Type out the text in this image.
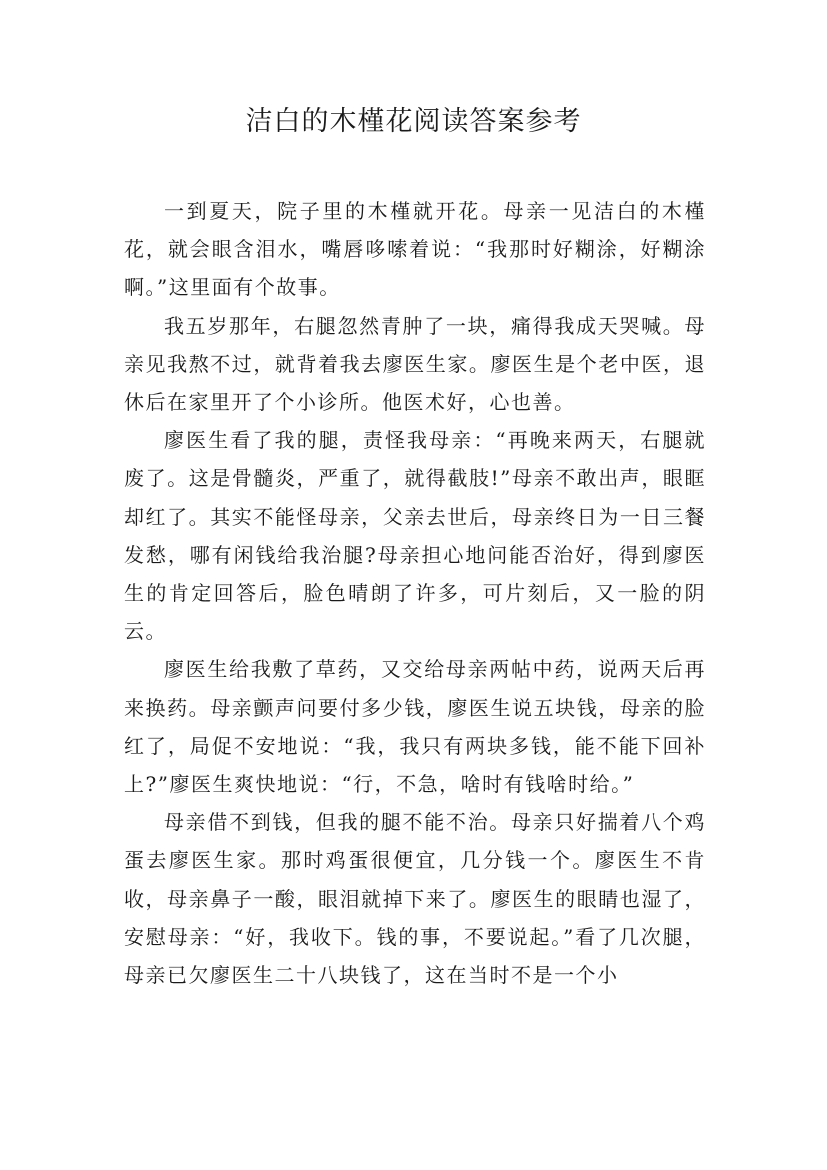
洁白的木槿花阅读答案参考

一到夏天，院子里的木槿就开花。母亲一见洁白的木槿花，就会眼含泪水，嘴唇哆嗦着说：“我那时好糊涂，好糊涂啊。”这里面有个故事。

我五岁那年，右腿忽然青肿了一块，痛得我成天哭喊。母亲见我熬不过，就背着我去廖医生家。廖医生是个老中医，退休后在家里开了个小诊所。他医术好，心也善。

廖医生看了我的腿，责怪我母亲：“再晚来两天，右腿就废了。这是骨髓炎，严重了，就得截肢!”母亲不敢出声，眼眶却红了。其实不能怪母亲，父亲去世后，母亲终日为一日三餐发愁，哪有闲钱给我治腿?母亲担心地问能否治好，得到廖医生的肯定回答后，脸色晴朗了许多，可片刻后，又一脸的阴云。

廖医生给我敷了草药，又交给母亲两帖中药，说两天后再来换药。母亲颤声问要付多少钱，廖医生说五块钱，母亲的脸红了，局促不安地说：“我，我只有两块多钱，能不能下回补上?”廖医生爽快地说：“行，不急，啥时有钱啥时给。”

母亲借不到钱，但我的腿不能不治。母亲只好揣着八个鸡蛋去廖医生家。那时鸡蛋很便宜，几分钱一个。廖医生不肯收，母亲鼻子一酸，眼泪就掉下来了。廖医生的眼睛也湿了，安慰母亲：“好，我收下。钱的事，不要说起。”看了几次腿，母亲已欠廖医生二十八块钱了，这在当时不是一个小
